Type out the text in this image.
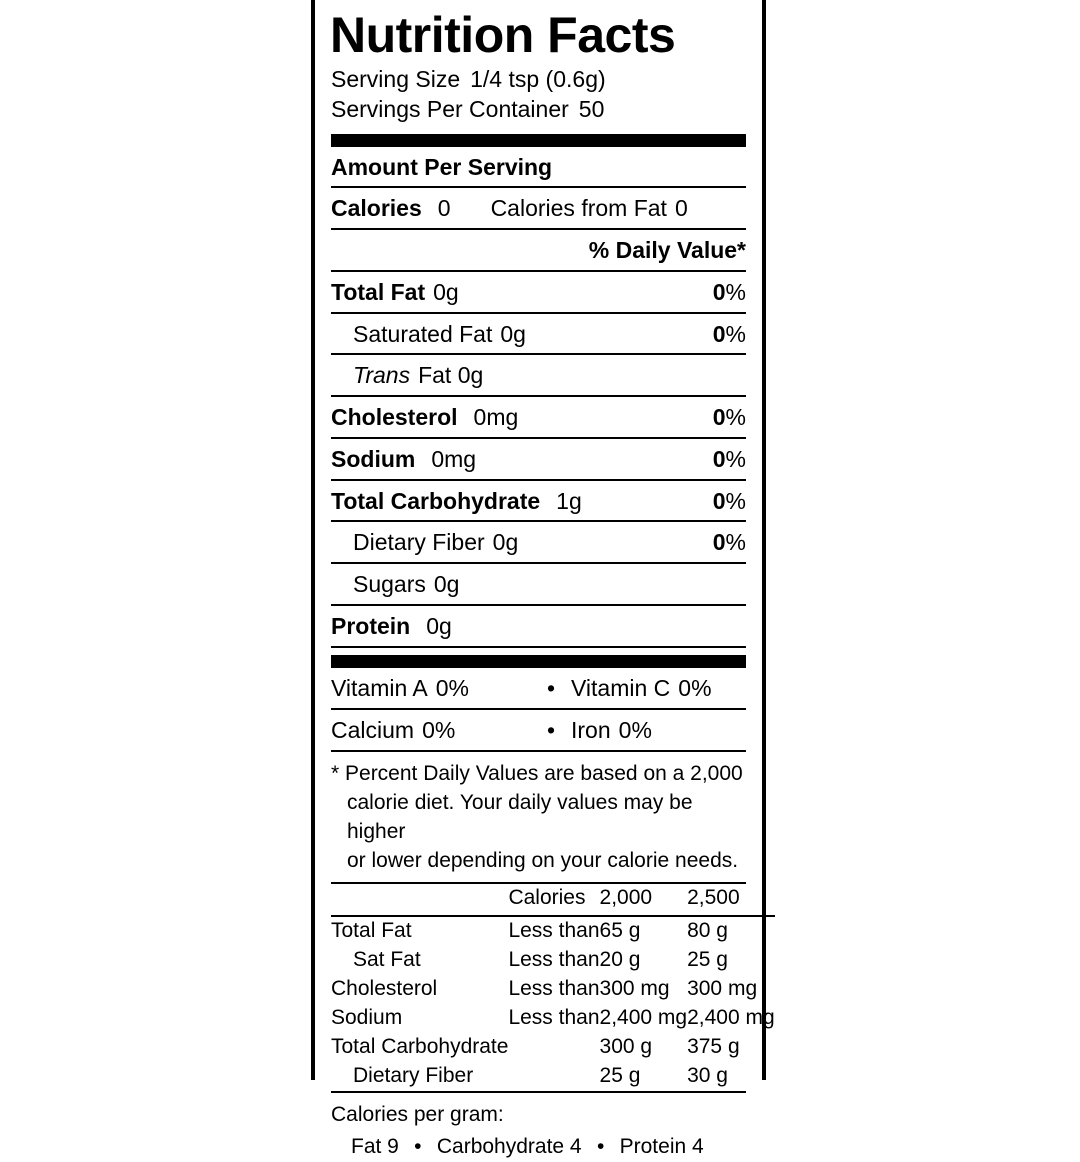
Nutrition Facts
Serving Size 1/4 tsp (0.6g)
Servings Per Container 50
Amount Per Serving
Calories 0 Calories from Fat 0
% Daily Value*
Total Fat 0g	0%
Saturated Fat 0g	0%
Trans Fat 0g
Cholesterol 0mg	0%
Sodium 0mg	0%
Total Carbohydrate 1g	0%
Dietary Fiber 0g	0%
Sugars 0g
Protein 0g
Vitamin A 0%	• Vitamin C 0%
Calcium 0%	• Iron 0%
* Percent Daily Values are based on a 2,000
calorie diet. Your daily values may be higher
or lower depending on your calorie needs.
	Calories	2,000	2,500
Total Fat	Less than	65 g	80 g
Sat Fat	Less than	20 g	25 g
Cholesterol	Less than	300 mg	300 mg
Sodium	Less than	2,400 mg	2,400 mg
Total Carbohydrate		300 g	375 g
Dietary Fiber		25 g	30 g
Calories per gram:
Fat 9 • Carbohydrate 4 • Protein 4
